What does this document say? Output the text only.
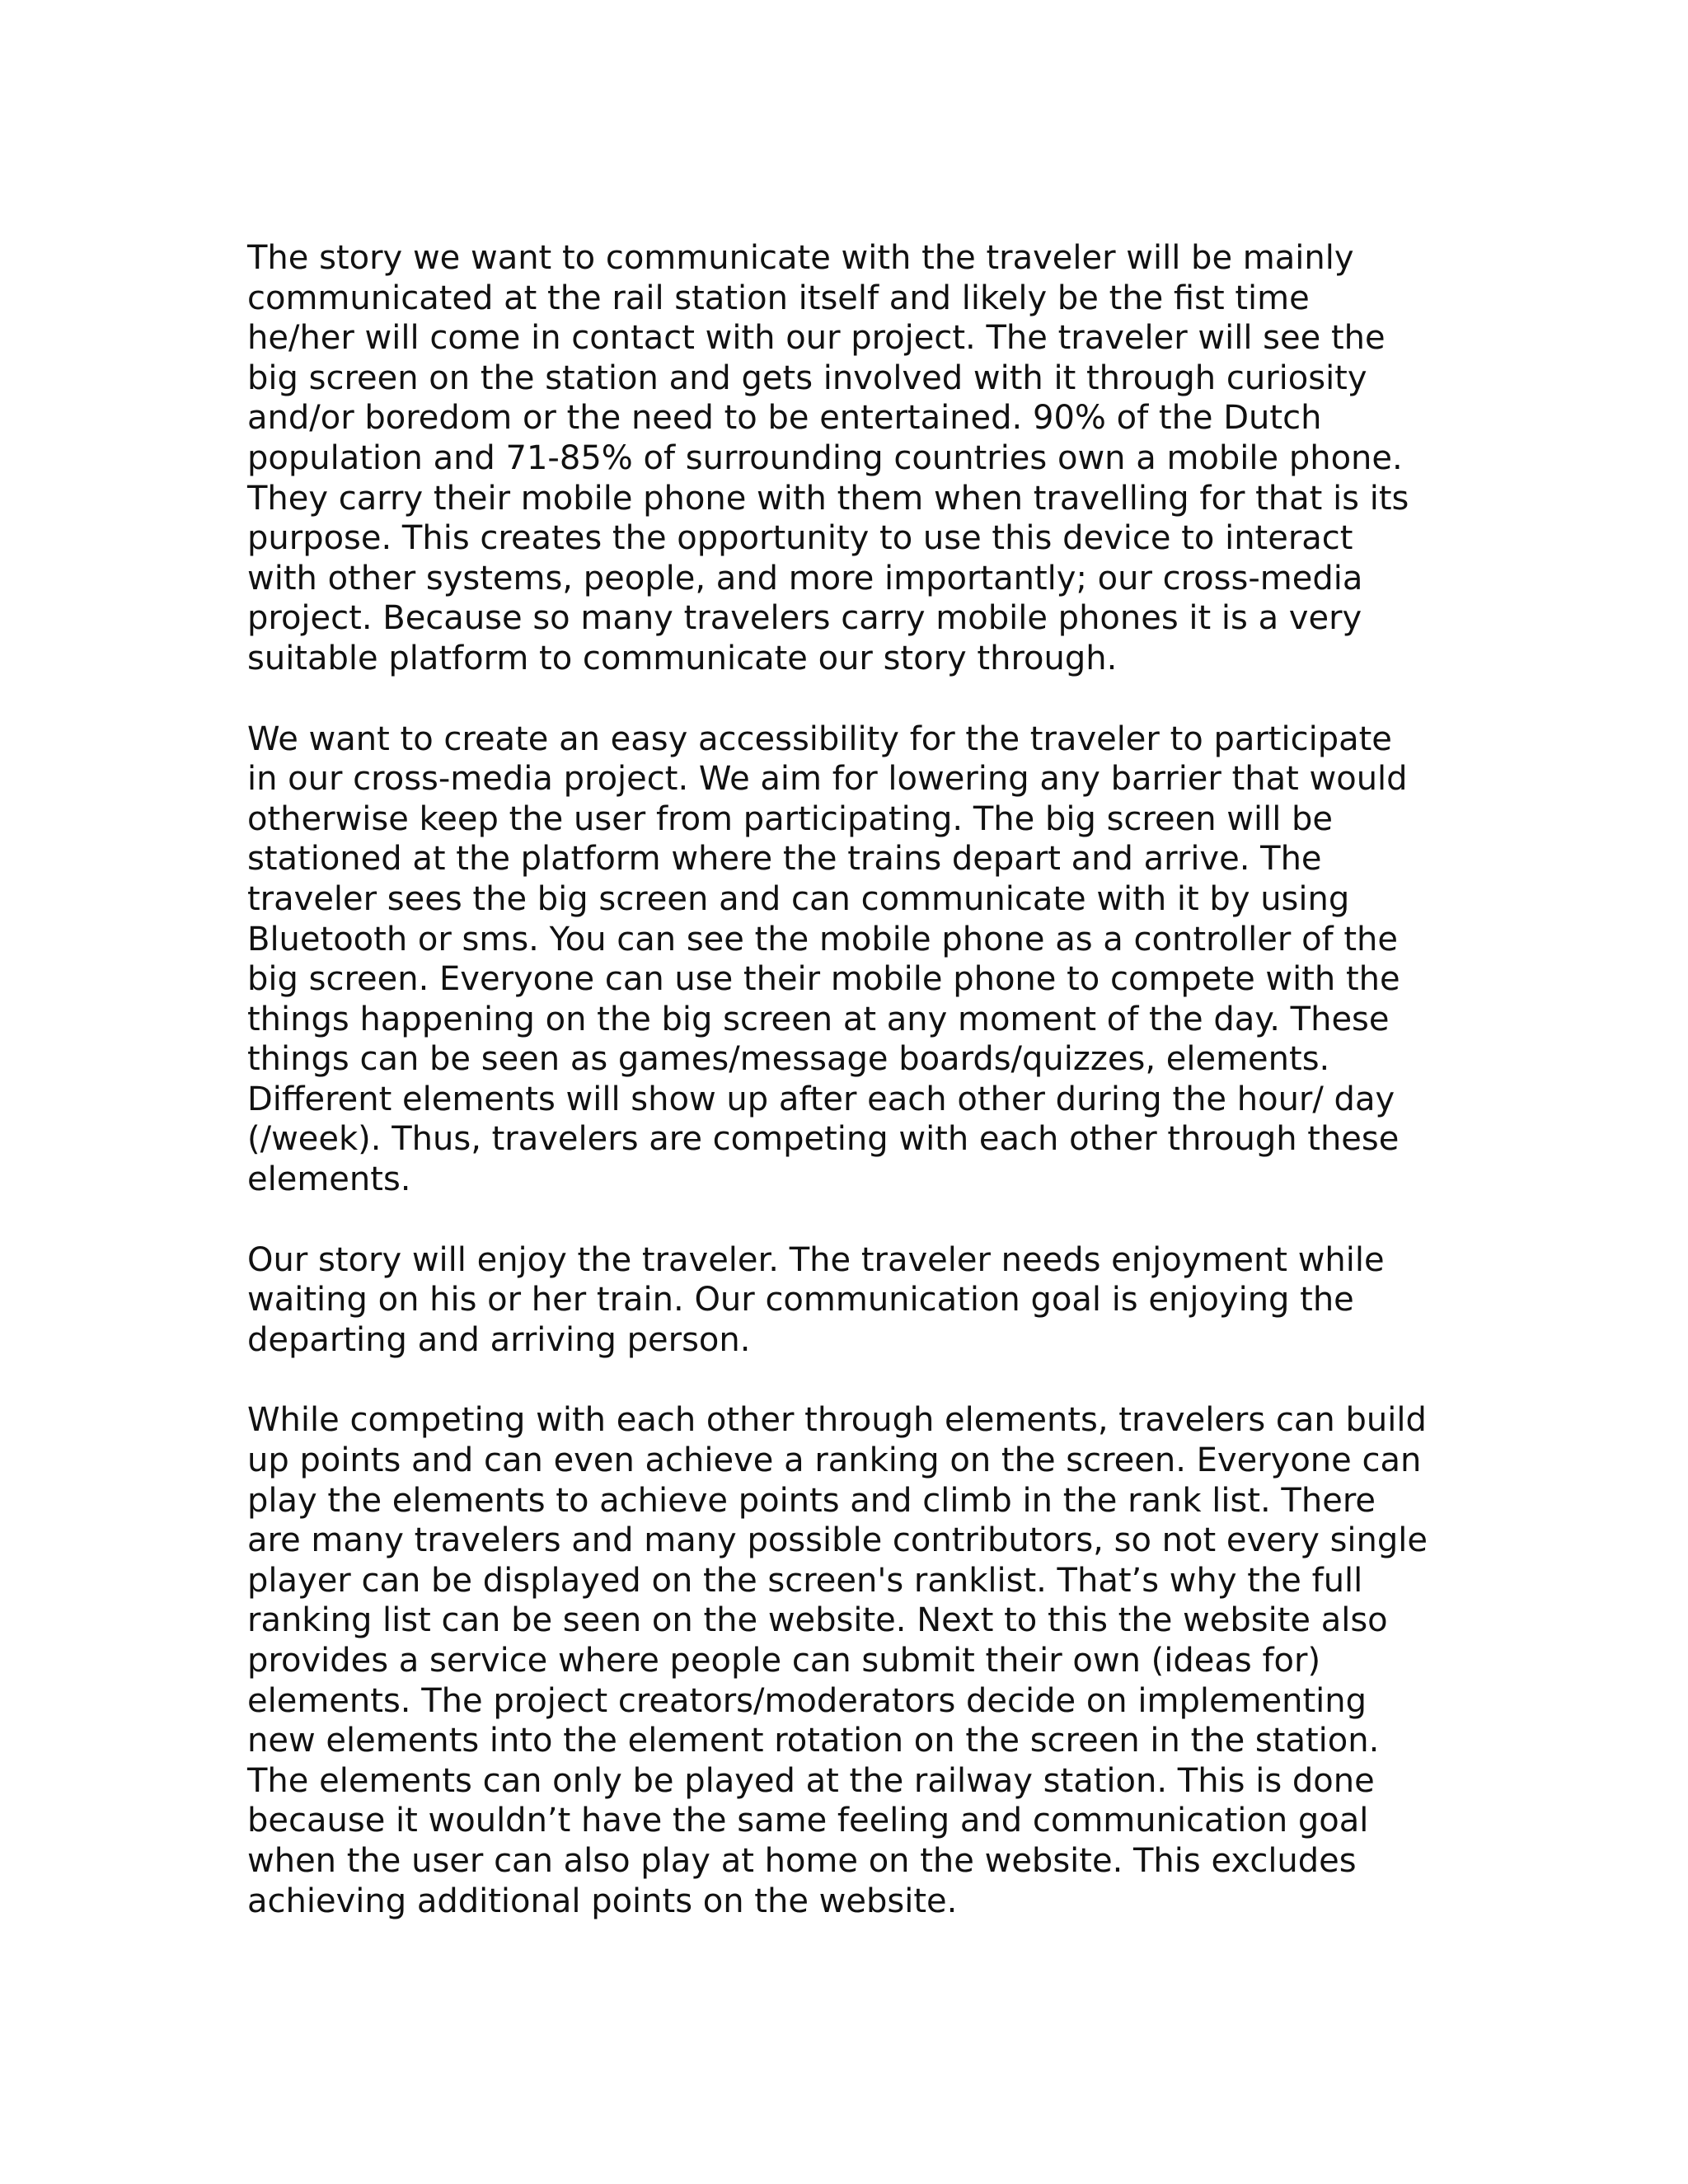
The story we want to communicate with the traveler will be mainly
communicated at the rail station itself and likely be the fist time
he/her will come in contact with our project. The traveler will see the
big screen on the station and gets involved with it through curiosity
and/or boredom or the need to be entertained. 90% of the Dutch
population and 71-85% of surrounding countries own a mobile phone.
They carry their mobile phone with them when travelling for that is its
purpose. This creates the opportunity to use this device to interact
with other systems, people, and more importantly; our cross-media
project. Because so many travelers carry mobile phones it is a very
suitable platform to communicate our story through.

We want to create an easy accessibility for the traveler to participate
in our cross-media project. We aim for lowering any barrier that would
otherwise keep the user from participating. The big screen will be
stationed at the platform where the trains depart and arrive. The
traveler sees the big screen and can communicate with it by using
Bluetooth or sms. You can see the mobile phone as a controller of the
big screen. Everyone can use their mobile phone to compete with the
things happening on the big screen at any moment of the day. These
things can be seen as games/message boards/quizzes, elements.
Different elements will show up after each other during the hour/ day
(/week). Thus, travelers are competing with each other through these
elements.

Our story will enjoy the traveler. The traveler needs enjoyment while
waiting on his or her train. Our communication goal is enjoying the
departing and arriving person.

While competing with each other through elements, travelers can build
up points and can even achieve a ranking on the screen. Everyone can
play the elements to achieve points and climb in the rank list. There
are many travelers and many possible contributors, so not every single
player can be displayed on the screen's ranklist. That’s why the full
ranking list can be seen on the website. Next to this the website also
provides a service where people can submit their own (ideas for)
elements. The project creators/moderators decide on implementing
new elements into the element rotation on the screen in the station.
The elements can only be played at the railway station. This is done
because it wouldn’t have the same feeling and communication goal
when the user can also play at home on the website. This excludes
achieving additional points on the website.
